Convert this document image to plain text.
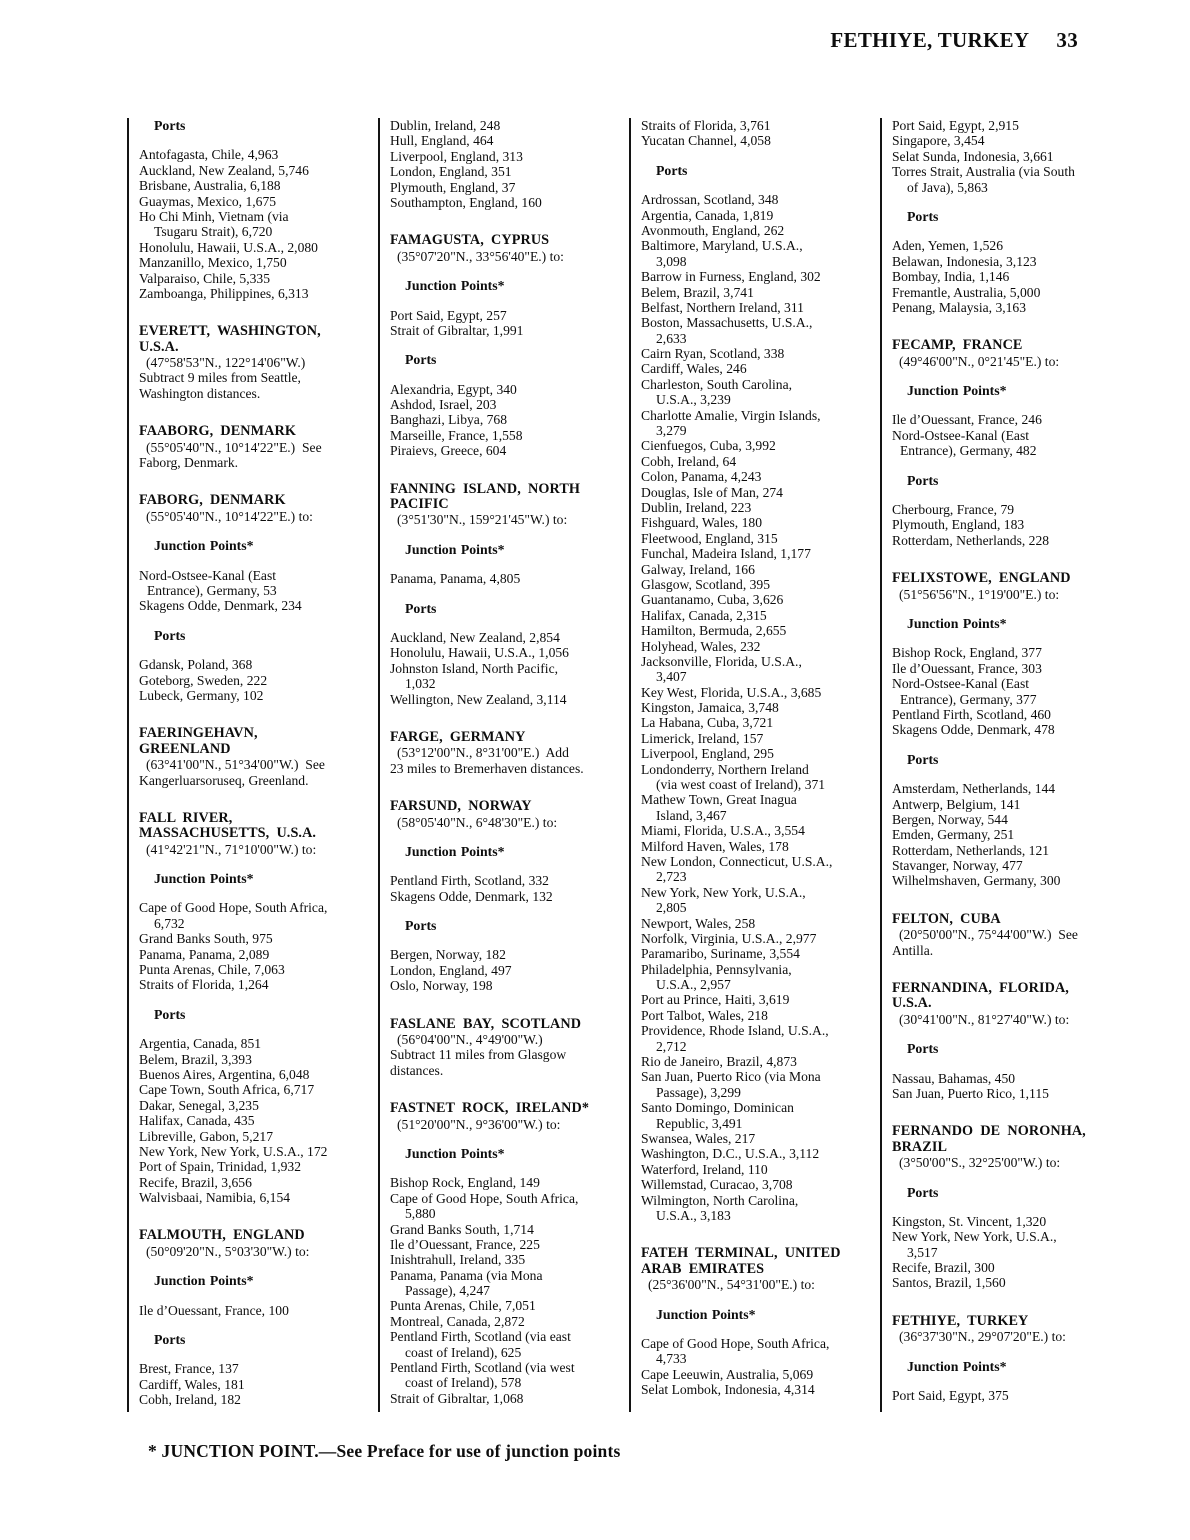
FETHIYE, TURKEY 33
Ports
Antofagasta, Chile, 4,963
Auckland, New Zealand, 5,746
Brisbane, Australia, 6,188
Guaymas, Mexico, 1,675
Ho Chi Minh, Vietnam (via
Tsugaru Strait), 6,720
Honolulu, Hawaii, U.S.A., 2,080
Manzanillo, Mexico, 1,750
Valparaiso, Chile, 5,335
Zamboanga, Philippines, 6,313
EVERETT, WASHINGTON,
U.S.A.
(47°58'53"N., 122°14'06"W.)
Subtract 9 miles from Seattle,
Washington distances.
FAABORG, DENMARK
(55°05'40"N., 10°14'22"E.)  See
Faborg, Denmark.
FABORG, DENMARK
(55°05'40"N., 10°14'22"E.) to:
Junction Points*
Nord-Ostsee-Kanal (East
Entrance), Germany, 53
Skagens Odde, Denmark, 234
Ports
Gdansk, Poland, 368
Goteborg, Sweden, 222
Lubeck, Germany, 102
FAERINGEHAVN,
GREENLAND
(63°41'00"N., 51°34'00"W.)  See
Kangerluarsoruseq, Greenland.
FALL RIVER,
MASSACHUSETTS, U.S.A.
(41°42'21"N., 71°10'00"W.) to:
Junction Points*
Cape of Good Hope, South Africa,
6,732
Grand Banks South, 975
Panama, Panama, 2,089
Punta Arenas, Chile, 7,063
Straits of Florida, 1,264
Ports
Argentia, Canada, 851
Belem, Brazil, 3,393
Buenos Aires, Argentina, 6,048
Cape Town, South Africa, 6,717
Dakar, Senegal, 3,235
Halifax, Canada, 435
Libreville, Gabon, 5,217
New York, New York, U.S.A., 172
Port of Spain, Trinidad, 1,932
Recife, Brazil, 3,656
Walvisbaai, Namibia, 6,154
FALMOUTH, ENGLAND
(50°09'20"N., 5°03'30"W.) to:
Junction Points*
Ile d’Ouessant, France, 100
Ports
Brest, France, 137
Cardiff, Wales, 181
Cobh, Ireland, 182
Dublin, Ireland, 248
Hull, England, 464
Liverpool, England, 313
London, England, 351
Plymouth, England, 37
Southampton, England, 160
FAMAGUSTA, CYPRUS
(35°07'20"N., 33°56'40"E.) to:
Junction Points*
Port Said, Egypt, 257
Strait of Gibraltar, 1,991
Ports
Alexandria, Egypt, 340
Ashdod, Israel, 203
Banghazi, Libya, 768
Marseille, France, 1,558
Piraievs, Greece, 604
FANNING ISLAND, NORTH
PACIFIC
(3°51'30"N., 159°21'45"W.) to:
Junction Points*
Panama, Panama, 4,805
Ports
Auckland, New Zealand, 2,854
Honolulu, Hawaii, U.S.A., 1,056
Johnston Island, North Pacific,
1,032
Wellington, New Zealand, 3,114
FARGE, GERMANY
(53°12'00"N., 8°31'00"E.)  Add
23 miles to Bremerhaven distances.
FARSUND, NORWAY
(58°05'40"N., 6°48'30"E.) to:
Junction Points*
Pentland Firth, Scotland, 332
Skagens Odde, Denmark, 132
Ports
Bergen, Norway, 182
London, England, 497
Oslo, Norway, 198
FASLANE BAY, SCOTLAND
(56°04'00"N., 4°49'00"W.)
Subtract 11 miles from Glasgow
distances.
FASTNET ROCK, IRELAND*
(51°20'00"N., 9°36'00"W.) to:
Junction Points*
Bishop Rock, England, 149
Cape of Good Hope, South Africa,
5,880
Grand Banks South, 1,714
Ile d’Ouessant, France, 225
Inishtrahull, Ireland, 335
Panama, Panama (via Mona
Passage), 4,247
Punta Arenas, Chile, 7,051
Montreal, Canada, 2,872
Pentland Firth, Scotland (via east
coast of Ireland), 625
Pentland Firth, Scotland (via west
coast of Ireland), 578
Strait of Gibraltar, 1,068
Straits of Florida, 3,761
Yucatan Channel, 4,058
Ports
Ardrossan, Scotland, 348
Argentia, Canada, 1,819
Avonmouth, England, 262
Baltimore, Maryland, U.S.A.,
3,098
Barrow in Furness, England, 302
Belem, Brazil, 3,741
Belfast, Northern Ireland, 311
Boston, Massachusetts, U.S.A.,
2,633
Cairn Ryan, Scotland, 338
Cardiff, Wales, 246
Charleston, South Carolina,
U.S.A., 3,239
Charlotte Amalie, Virgin Islands,
3,279
Cienfuegos, Cuba, 3,992
Cobh, Ireland, 64
Colon, Panama, 4,243
Douglas, Isle of Man, 274
Dublin, Ireland, 223
Fishguard, Wales, 180
Fleetwood, England, 315
Funchal, Madeira Island, 1,177
Galway, Ireland, 166
Glasgow, Scotland, 395
Guantanamo, Cuba, 3,626
Halifax, Canada, 2,315
Hamilton, Bermuda, 2,655
Holyhead, Wales, 232
Jacksonville, Florida, U.S.A.,
3,407
Key West, Florida, U.S.A., 3,685
Kingston, Jamaica, 3,748
La Habana, Cuba, 3,721
Limerick, Ireland, 157
Liverpool, England, 295
Londonderry, Northern Ireland
(via west coast of Ireland), 371
Mathew Town, Great Inagua
Island, 3,467
Miami, Florida, U.S.A., 3,554
Milford Haven, Wales, 178
New London, Connecticut, U.S.A.,
2,723
New York, New York, U.S.A.,
2,805
Newport, Wales, 258
Norfolk, Virginia, U.S.A., 2,977
Paramaribo, Suriname, 3,554
Philadelphia, Pennsylvania,
U.S.A., 2,957
Port au Prince, Haiti, 3,619
Port Talbot, Wales, 218
Providence, Rhode Island, U.S.A.,
2,712
Rio de Janeiro, Brazil, 4,873
San Juan, Puerto Rico (via Mona
Passage), 3,299
Santo Domingo, Dominican
Republic, 3,491
Swansea, Wales, 217
Washington, D.C., U.S.A., 3,112
Waterford, Ireland, 110
Willemstad, Curacao, 3,708
Wilmington, North Carolina,
U.S.A., 3,183
FATEH TERMINAL, UNITED
ARAB EMIRATES
(25°36'00"N., 54°31'00"E.) to:
Junction Points*
Cape of Good Hope, South Africa,
4,733
Cape Leeuwin, Australia, 5,069
Selat Lombok, Indonesia, 4,314
Port Said, Egypt, 2,915
Singapore, 3,454
Selat Sunda, Indonesia, 3,661
Torres Strait, Australia (via South
of Java), 5,863
Ports
Aden, Yemen, 1,526
Belawan, Indonesia, 3,123
Bombay, India, 1,146
Fremantle, Australia, 5,000
Penang, Malaysia, 3,163
FECAMP, FRANCE
(49°46'00"N., 0°21'45"E.) to:
Junction Points*
Ile d’Ouessant, France, 246
Nord-Ostsee-Kanal (East
Entrance), Germany, 482
Ports
Cherbourg, France, 79
Plymouth, England, 183
Rotterdam, Netherlands, 228
FELIXSTOWE, ENGLAND
(51°56'56"N., 1°19'00"E.) to:
Junction Points*
Bishop Rock, England, 377
Ile d’Ouessant, France, 303
Nord-Ostsee-Kanal (East
Entrance), Germany, 377
Pentland Firth, Scotland, 460
Skagens Odde, Denmark, 478
Ports
Amsterdam, Netherlands, 144
Antwerp, Belgium, 141
Bergen, Norway, 544
Emden, Germany, 251
Rotterdam, Netherlands, 121
Stavanger, Norway, 477
Wilhelmshaven, Germany, 300
FELTON, CUBA
(20°50'00"N., 75°44'00"W.)  See
Antilla.
FERNANDINA, FLORIDA,
U.S.A.
(30°41'00"N., 81°27'40"W.) to:
Ports
Nassau, Bahamas, 450
San Juan, Puerto Rico, 1,115
FERNANDO DE NORONHA,
BRAZIL
(3°50'00"S., 32°25'00"W.) to:
Ports
Kingston, St. Vincent, 1,320
New York, New York, U.S.A.,
3,517
Recife, Brazil, 300
Santos, Brazil, 1,560
FETHIYE, TURKEY
(36°37'30"N., 29°07'20"E.) to:
Junction Points*
Port Said, Egypt, 375
* JUNCTION POINT.—See Preface for use of junction points
